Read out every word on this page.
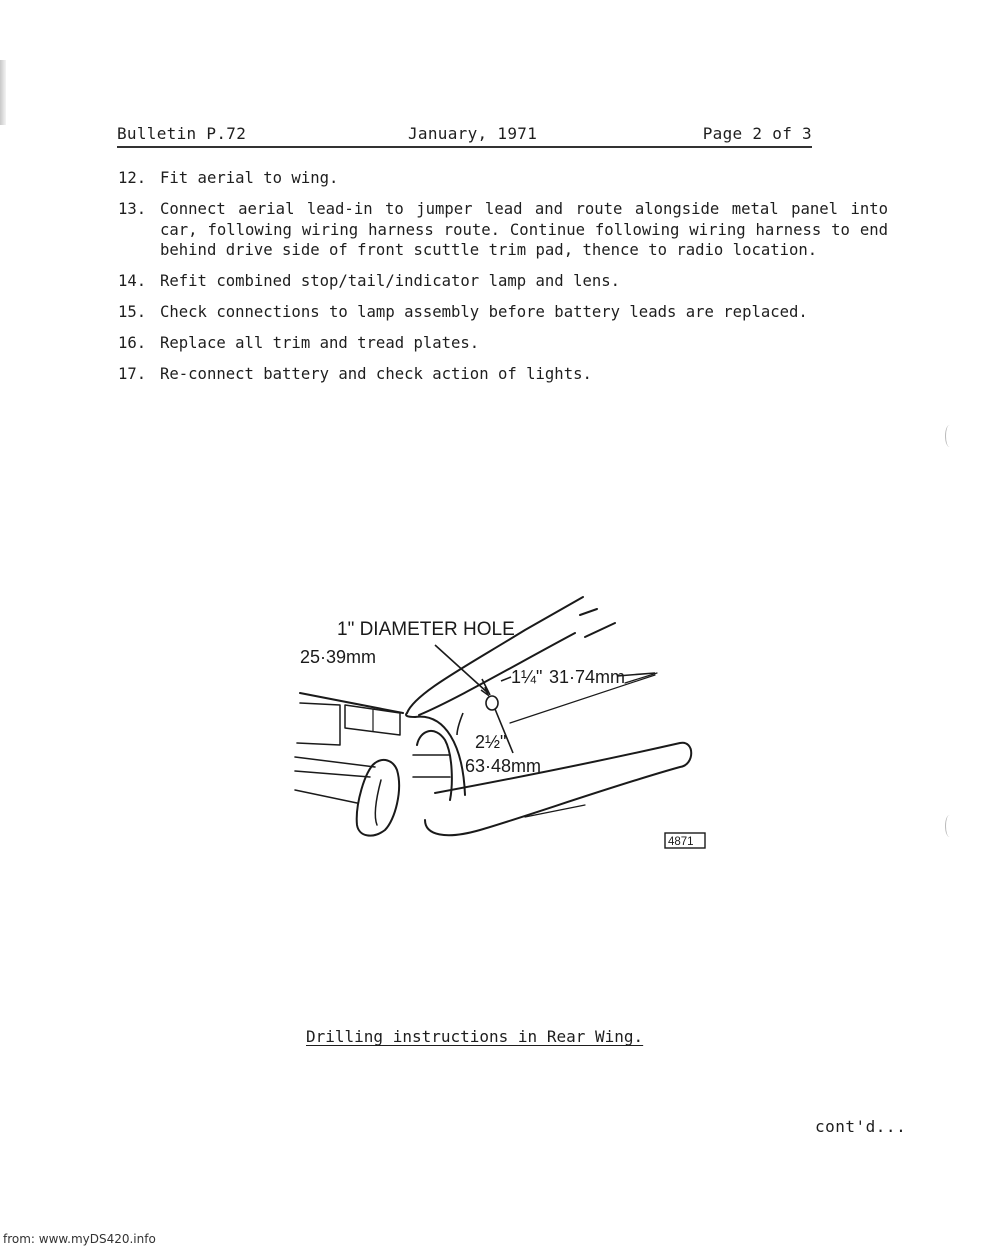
Bulletin P.72	January, 1971	Page 2 of 3
12. Fit aerial to wing.
13. Connect aerial lead-in to jumper lead and route alongside metal panel into car, following wiring harness route. Continue following wiring harness to end behind drive side of front scuttle trim pad, thence to radio location.
14. Refit combined stop/tail/indicator lamp and lens.
15. Check connections to lamp assembly before battery leads are replaced.
16. Replace all trim and tread plates.
17. Re-connect battery and check action of lights.
1" DIAMETER HOLE
25·39mm
1¼" 31·74mm
2½"
63·48mm
4871
Drilling instructions in Rear Wing.
cont'd...
from: www.myDS420.info
